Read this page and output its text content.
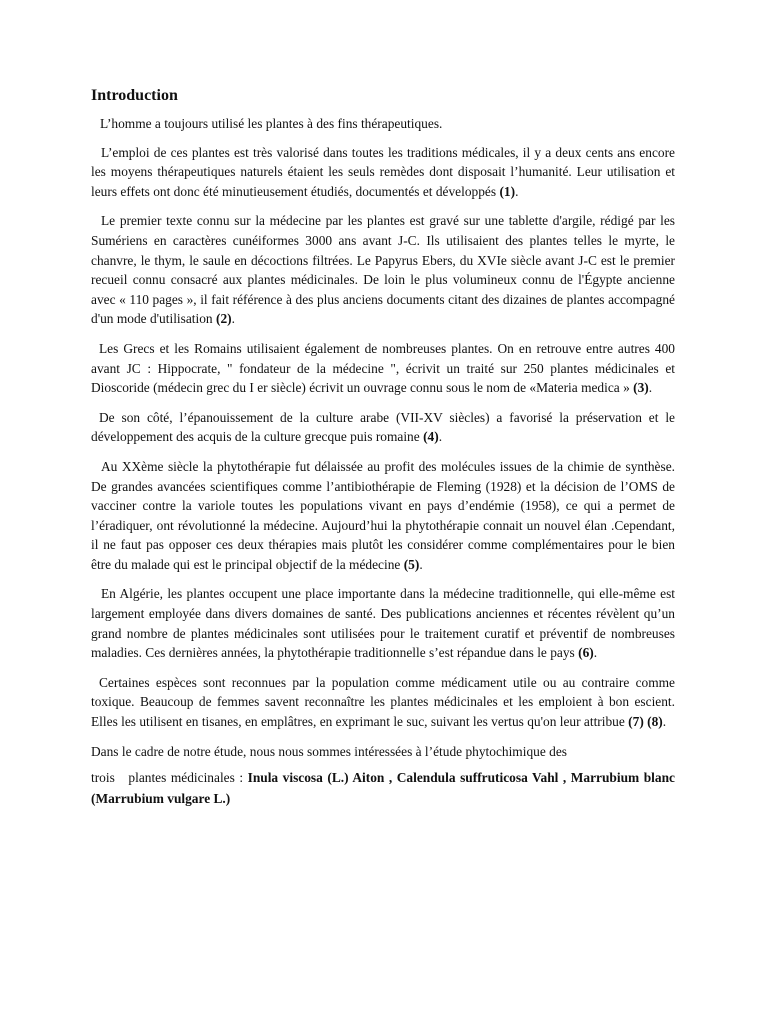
Introduction

L’homme a toujours utilisé les plantes à des fins thérapeutiques.

L’emploi de ces plantes est très valorisé dans toutes les traditions médicales, il y a deux cents ans encore les moyens thérapeutiques naturels étaient les seuls remèdes dont disposait l’humanité. Leur utilisation et leurs effets ont donc été minutieusement étudiés, documentés et développés (1).

Le premier texte connu sur la médecine par les plantes est gravé sur une tablette d'argile, rédigé par les Sumériens en caractères cunéiformes 3000 ans avant J-C. Ils utilisaient des plantes telles le myrte, le chanvre, le thym, le saule en décoctions filtrées. Le Papyrus Ebers, du XVIe siècle avant J-C est le premier recueil connu consacré aux plantes médicinales. De loin le plus volumineux connu de l'Égypte ancienne avec « 110 pages », il fait référence à des plus anciens documents citant des dizaines de plantes accompagné d'un mode d'utilisation (2).

Les Grecs et les Romains utilisaient également de nombreuses plantes. On en retrouve entre autres 400 avant JC : Hippocrate, " fondateur de la médecine ", écrivit un traité sur 250 plantes médicinales et Dioscoride (médecin grec du I er siècle) écrivit un ouvrage connu sous le nom de «Materia medica » (3).

De son côté, l’épanouissement de la culture arabe (VII-XV siècles) a favorisé la préservation et le développement des acquis de la culture grecque puis romaine (4).

Au XXème siècle la phytothérapie fut délaissée au profit des molécules issues de la chimie de synthèse. De grandes avancées scientifiques comme l’antibiothérapie de Fleming (1928) et la décision de l’OMS de vacciner contre la variole toutes les populations vivant en pays d’endémie (1958), ce qui a permet de l’éradiquer, ont révolutionné la médecine. Aujourd’hui la phytothérapie connait un nouvel élan .Cependant, il ne faut pas opposer ces deux thérapies mais plutôt les considérer comme complémentaires pour le bien être du malade qui est le principal objectif de la médecine (5).

En Algérie, les plantes occupent une place importante dans la médecine traditionnelle, qui elle-même est largement employée dans divers domaines de santé. Des publications anciennes et récentes révèlent qu’un grand nombre de plantes médicinales sont utilisées pour le traitement curatif et préventif de nombreuses maladies. Ces dernières années, la phytothérapie traditionnelle s’est répandue dans le pays (6).

Certaines espèces sont reconnues par la population comme médicament utile ou au contraire comme toxique. Beaucoup de femmes savent reconnaître les plantes médicinales et les emploient à bon escient. Elles les utilisent en tisanes, en emplâtres, en exprimant le suc, suivant les vertus qu'on leur attribue (7) (8).

Dans le cadre de notre étude, nous nous sommes intéressées à l’étude phytochimique des

trois   plantes médicinales : Inula viscosa (L.) Aiton , Calendula suffruticosa Vahl , Marrubium blanc (Marrubium vulgare L.)
